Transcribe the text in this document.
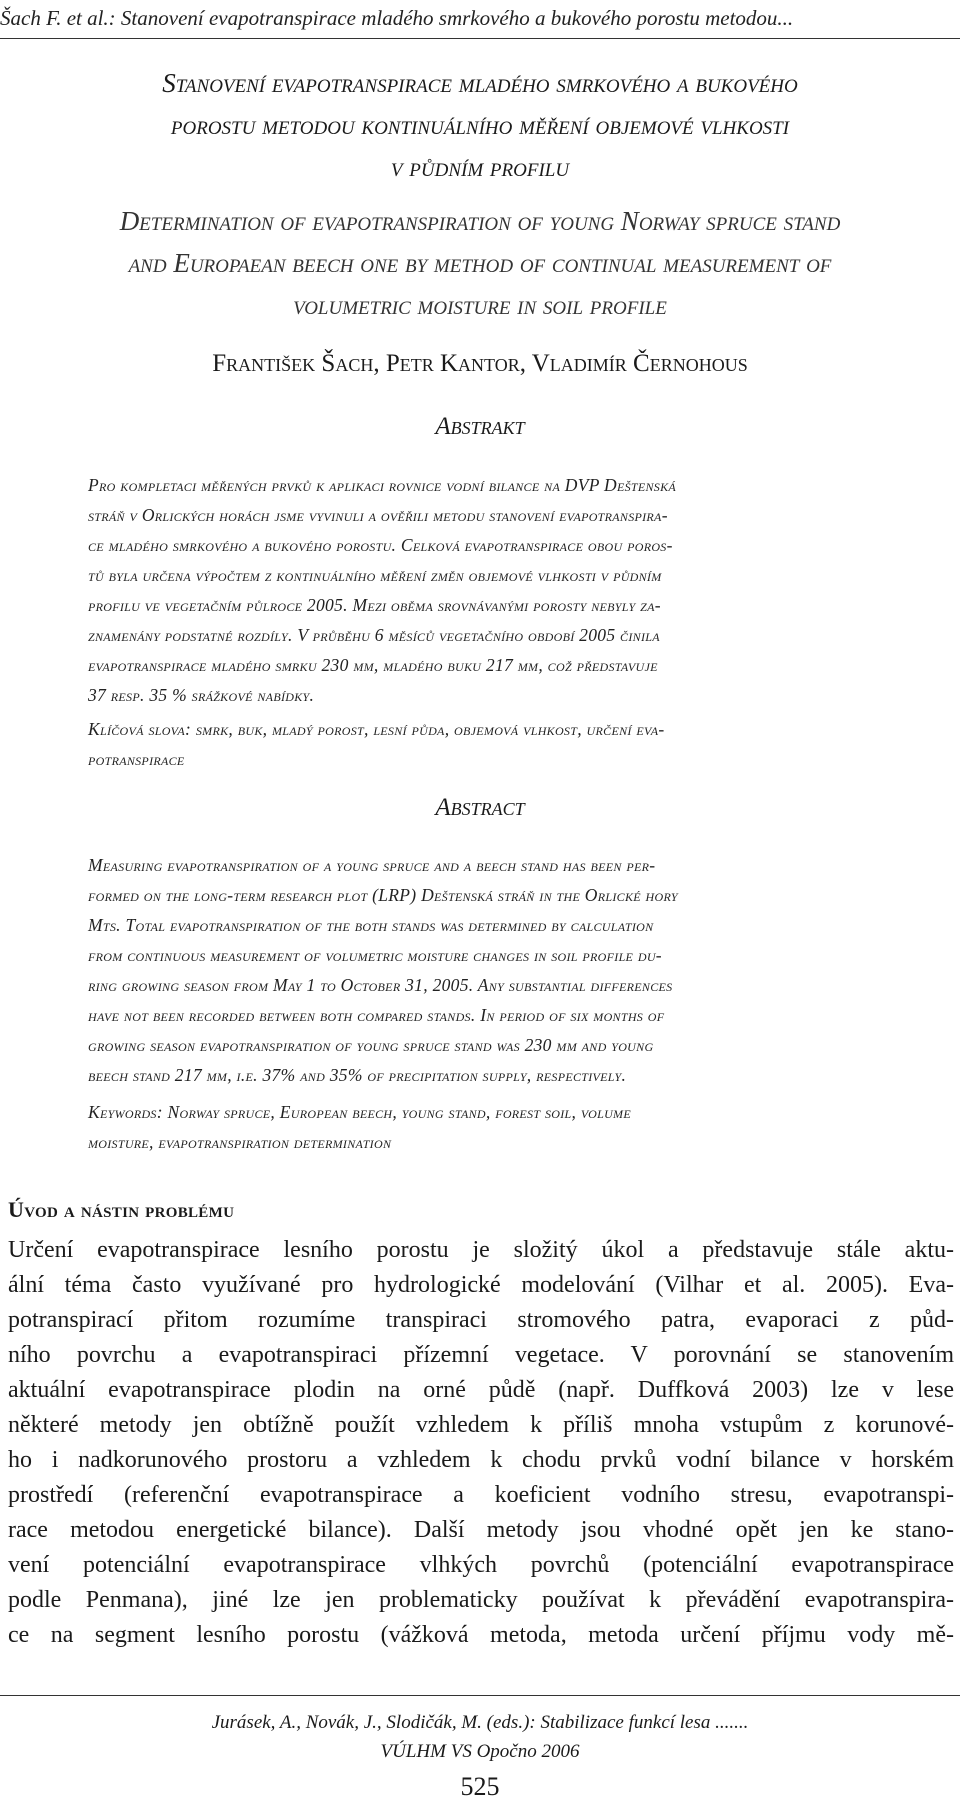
Šach F. et al.: Stanovení evapotranspirace mladého smrkového a bukového porostu metodou...
Stanovení evapotranspirace mladého smrkového a bukového
porostu metodou kontinuálního měření objemové vlhkosti
v půdním profilu
Determination of evapotranspiration of young Norway spruce stand
and Europaean beech one by method of continual measurement of
volumetric moisture in soil profile
František Šach, Petr Kantor, Vladimír Černohous
Abstrakt
Pro kompletaci měřených prvků k aplikaci rovnice vodní bilance na DVP Deštenská
stráň v Orlických horách jsme vyvinuli a ověřili metodu stanovení evapotranspira-
ce mladého smrkového a bukového porostu. Celková evapotranspirace obou poros-
tů byla určena výpočtem z kontinuálního měření změn objemové vlhkosti v půdním
profilu ve vegetačním půlroce 2005. Mezi oběma srovnávanými porosty nebyly za-
znamenány podstatné rozdíly. V průběhu 6 měsíců vegetačního období 2005 činila
evapotranspirace mladého smrku 230 mm, mladého buku 217 mm, což představuje
37 resp. 35 % srážkové nabídky.
Klíčová slova: smrk, buk, mladý porost, lesní půda, objemová vlhkost, určení eva-
potranspirace
Abstract
Measuring evapotranspiration of a young spruce and a beech stand has been per-
formed on the long-term research plot (LRP) Deštenská stráň in the Orlické hory
Mts. Total evapotranspiration of the both stands was determined by calculation
from continuous measurement of volumetric moisture changes in soil profile du-
ring growing season from May 1 to October 31, 2005. Any substantial differences
have not been recorded between both compared stands. In period of six months of
growing season evapotranspiration of young spruce stand was 230 mm and young
beech stand 217 mm, i.e. 37% and 35% of precipitation supply, respectively.
Keywords: Norway spruce, European beech, young stand, forest soil, volume
moisture, evapotranspiration determination
Úvod a nástin problému
Určení evapotranspirace lesního porostu je složitý úkol a představuje stále aktu-
ální téma často využívané pro hydrologické modelování (Vilhar et al. 2005). Eva-
potranspirací přitom rozumíme transpiraci stromového patra, evaporaci z půd-
ního povrchu a evapotranspiraci přízemní vegetace. V porovnání se stanovením
aktuální evapotranspirace plodin na orné půdě (např. Duffková 2003) lze v lese
některé metody jen obtížně použít vzhledem k příliš mnoha vstupům z korunové-
ho i nadkorunového prostoru a vzhledem k chodu prvků vodní bilance v horském
prostředí (referenční evapotranspirace a koeficient vodního stresu, evapotranspi-
race metodou energetické bilance). Další metody jsou vhodné opět jen ke stano-
vení potenciální evapotranspirace vlhkých povrchů (potenciální evapotranspirace
podle Penmana), jiné lze jen problematicky používat k převádění evapotranspira-
ce na segment lesního porostu (vážková metoda, metoda určení příjmu vody mě-
Jurásek, A., Novák, J., Slodičák, M. (eds.): Stabilizace funkcí lesa .......
VÚLHM VS Opočno 2006
525
